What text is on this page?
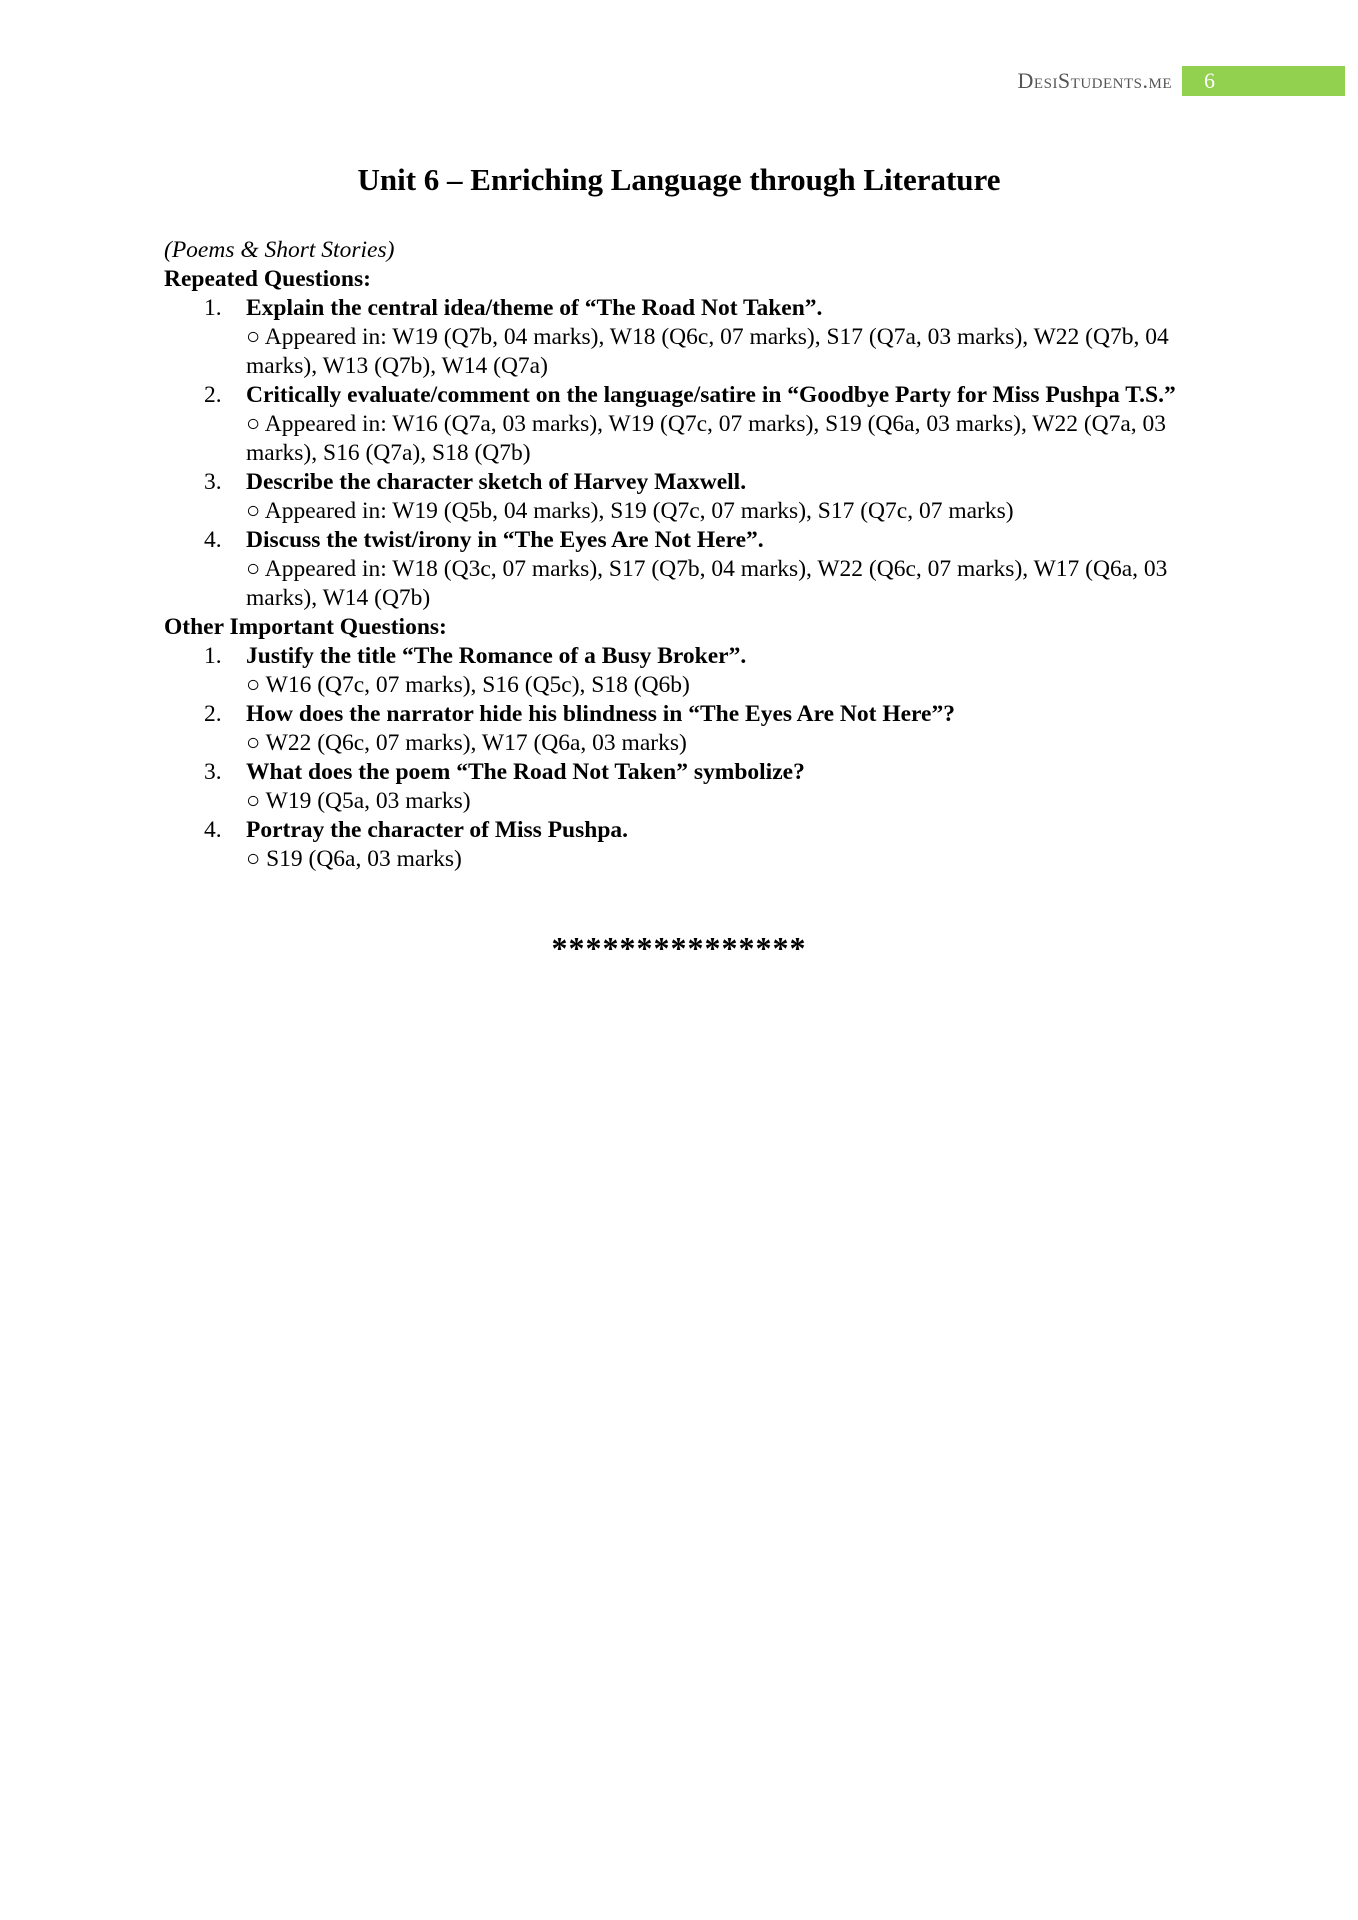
DesiStudents.me 6
Unit 6 – Enriching Language through Literature
(Poems & Short Stories)
Repeated Questions:
1. Explain the central idea/theme of “The Road Not Taken”.
○ Appeared in: W19 (Q7b, 04 marks), W18 (Q6c, 07 marks), S17 (Q7a, 03 marks), W22 (Q7b, 04 marks), W13 (Q7b), W14 (Q7a)
2. Critically evaluate/comment on the language/satire in “Goodbye Party for Miss Pushpa T.S.”
○ Appeared in: W16 (Q7a, 03 marks), W19 (Q7c, 07 marks), S19 (Q6a, 03 marks), W22 (Q7a, 03 marks), S16 (Q7a), S18 (Q7b)
3. Describe the character sketch of Harvey Maxwell.
○ Appeared in: W19 (Q5b, 04 marks), S19 (Q7c, 07 marks), S17 (Q7c, 07 marks)
4. Discuss the twist/irony in “The Eyes Are Not Here”.
○ Appeared in: W18 (Q3c, 07 marks), S17 (Q7b, 04 marks), W22 (Q6c, 07 marks), W17 (Q6a, 03 marks), W14 (Q7b)
Other Important Questions:
1. Justify the title “The Romance of a Busy Broker”.
○ W16 (Q7c, 07 marks), S16 (Q5c), S18 (Q6b)
2. How does the narrator hide his blindness in “The Eyes Are Not Here”?
○ W22 (Q6c, 07 marks), W17 (Q6a, 03 marks)
3. What does the poem “The Road Not Taken” symbolize?
○ W19 (Q5a, 03 marks)
4. Portray the character of Miss Pushpa.
○ S19 (Q6a, 03 marks)
***************
